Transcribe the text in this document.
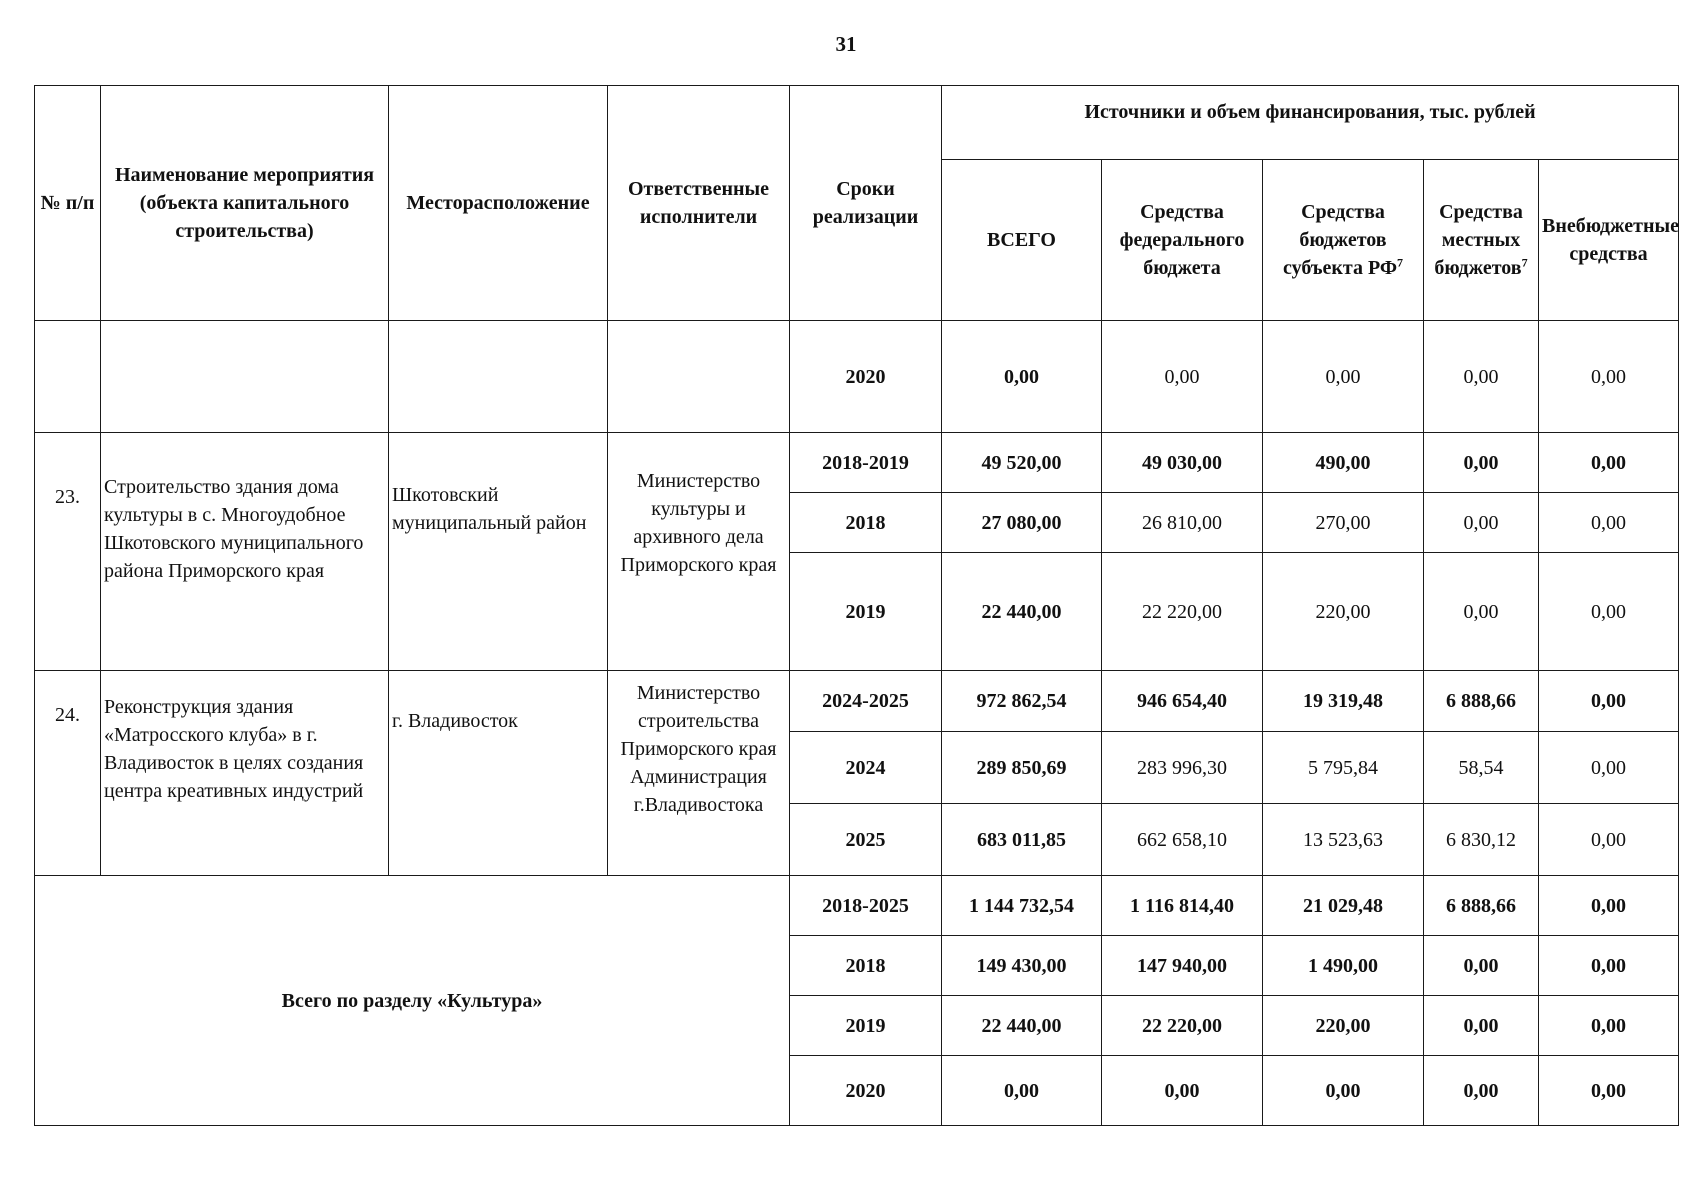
31
№ п/п	Наименование мероприятия (объекта капитального строительства)	Месторасположение	Ответственные исполнители	Сроки реализации	Источники и объем финансирования, тыс. рублей				
					ВСЕГО	Средства федерального бюджета	Средства бюджетов субъекта $РФ^7$	Средства местных бюджетов$^7$	Внебюджетные средства
				2020	0,00	0,00	0,00	0,00	0,00
23.	Строительство здания дома культуры в с. Многоудобное Шкотовского муниципального района Приморского края	Шкотовский муниципальный район	Министерство культуры и архивного дела Приморского края	2018-2019	49 520,00	49 030,00	490,00	0,00	0,00
				2018	27 080,00	26 810,00	270,00	0,00	0,00
				2019	22 440,00	22 220,00	220,00	0,00	0,00
24.	Реконструкция здания «Матросского клуба» в г. Владивосток в целях создания центра креативных индустрий	г. Владивосток	Министерство строительства Приморского края Администрация г.Владивостока	2024-2025	972 862,54	946 654,40	19 319,48	6 888,66	0,00
				2024	289 850,69	283 996,30	5 795,84	58,54	0,00
				2025	683 011,85	662 658,10	13 523,63	6 830,12	0,00
Всего по разделу «Культура»				2018-2025	1 144 732,54	1 116 814,40	21 029,48	6 888,66	0,00
				2018	149 430,00	147 940,00	1 490,00	0,00	0,00
				2019	22 440,00	22 220,00	220,00	0,00	0,00
				2020	0,00	0,00	0,00	0,00	0,00
